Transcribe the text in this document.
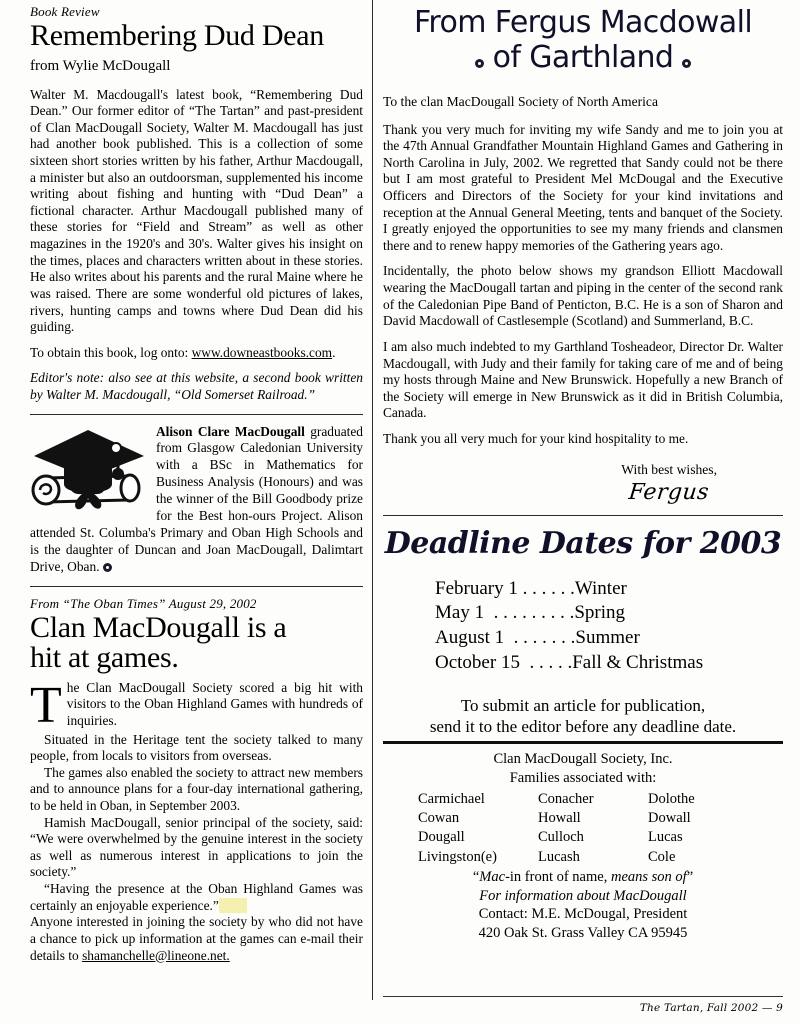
Book Review
Remembering Dud Dean
from Wylie McDougall

Walter M. Macdougall's latest book, “Remembering Dud Dean.” Our former editor of “The Tartan” and past-president of Clan MacDougall Society, Walter M. Macdougall has just had another book published. This is a collection of some sixteen short stories written by his father, Arthur Macdougall, a minister but also an outdoorsman, supplemented his income writing about fishing and hunting with “Dud Dean” a fictional character. Arthur Macdougall published many of these stories for “Field and Stream” as well as other magazines in the 1920's and 30's. Walter gives his insight on the times, places and characters written about in these stories. He also writes about his parents and the rural Maine where he was raised. There are some wonderful old pictures of lakes, rivers, hunting camps and towns where Dud Dean did his guiding.

To obtain this book, log onto: www.downeastbooks.com.

Editor's note: also see at this website, a second book written by Walter M. Macdougall, “Old Somerset Railroad.”

Alison Clare MacDougall graduated from Glasgow Caledonian University with a BSc in Mathematics for Business Analysis (Honours) and was the winner of the Bill Goodbody prize for the Best hon-ours Project. Alison attended St. Columba's Primary and Oban High Schools and is the daughter of Duncan and Joan MacDougall, Dalimtart Drive, Oban.

From “The Oban Times” August 29, 2002
Clan MacDougall is a
hit at games.

The Clan MacDougall Society scored a big hit with visitors to the Oban Highland Games with hundreds of inquiries.

Situated in the Heritage tent the society talked to many people, from locals to visitors from overseas.

The games also enabled the society to attract new members and to announce plans for a four-day international gathering, to be held in Oban, in September 2003.

Hamish MacDougall, senior principal of the society, said: “We were overwhelmed by the genuine interest in the society as well as numerous interest in applications to join the society.”

“Having the presence at the Oban Highland Games was certainly an enjoyable experience.”

Anyone interested in joining the society by who did not have a chance to pick up information at the games can e-mail their details to shamanchelle@lineone.net.

From Fergus Macdowall
of Garthland
To the clan MacDougall Society of North America

Thank you very much for inviting my wife Sandy and me to join you at the 47th Annual Grandfather Mountain Highland Games and Gathering in North Carolina in July, 2002. We regretted that Sandy could not be there but I am most grateful to President Mel McDougal and the Executive Officers and Directors of the Society for your kind invitations and reception at the Annual General Meeting, tents and banquet of the Society. I greatly enjoyed the opportunities to see my many friends and clansmen there and to renew happy memories of the Gathering years ago.

Incidentally, the photo below shows my grandson Elliott Macdowall wearing the MacDougall tartan and piping in the center of the second rank of the Caledonian Pipe Band of Penticton, B.C. He is a son of Sharon and David Macdowall of Castlesemple (Scotland) and Summerland, B.C.

I am also much indebted to my Garthland Tosheadeor, Director Dr. Walter Macdougall, with Judy and their family for taking care of me and of being my hosts through Maine and New Brunswick. Hopefully a new Branch of the Society will emerge in New Brunswick as it did in British Columbia, Canada.

Thank you all very much for your kind hospitality to me.

With best wishes,
Fergus
Deadline Dates for 2003
February 1 . . . . . .Winter
May 1  . . . . . . . . .Spring
August 1  . . . . . . .Summer
October 15  . . . . .Fall & Christmas
To submit an article for publication,
send it to the editor before any deadline date.
Clan MacDougall Society, Inc.
Families associated with:
Carmichael	Conacher	Dolothe
Cowan	Howall	Dowall
Dougall	Culloch	Lucas
Livingston(e)	Lucash	Cole
“Mac-in front of name, means son of”
For information about MacDougall
Contact: M.E. McDougal, President
420 Oak St. Grass Valley CA 95945
The Tartan, Fall 2002 — 9
